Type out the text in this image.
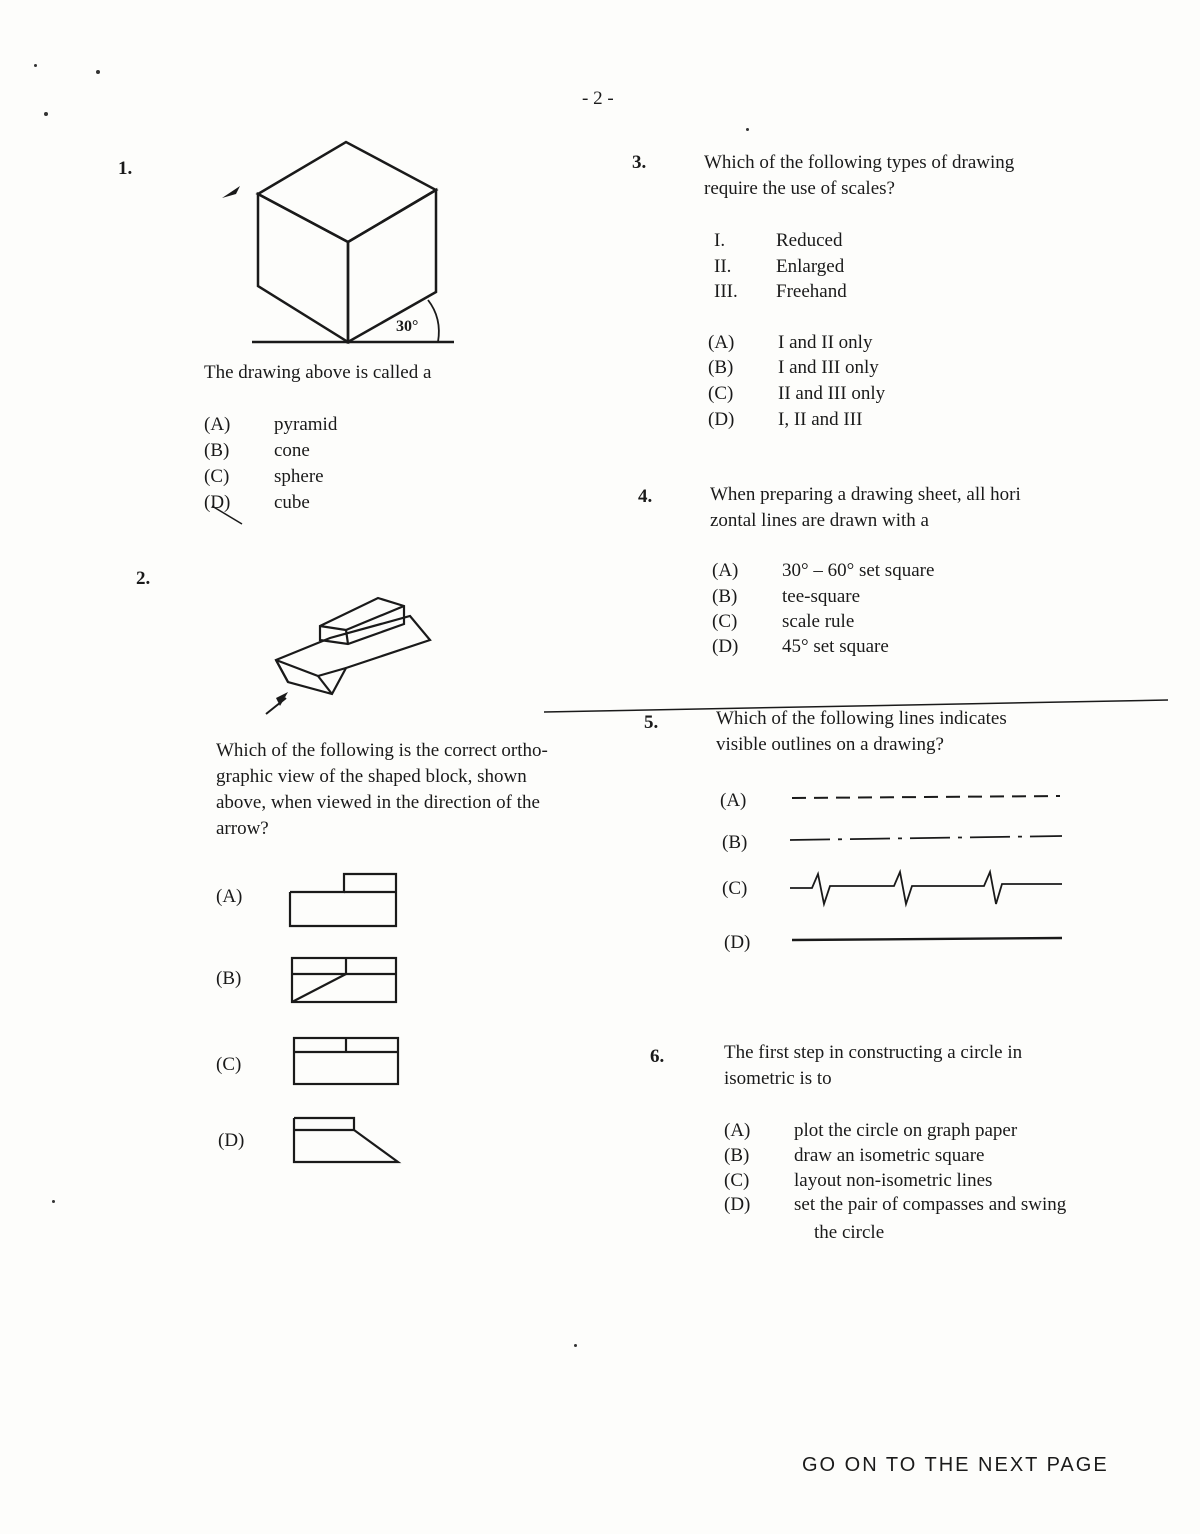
- 2 -
1.
30°
The drawing above is called a
(A) pyramid
(B) cone
(C) sphere
(D) cube
2.
Which of the following is the correct ortho-
graphic view of the shaped block, shown
above, when viewed in the direction of the
arrow?
(A)
(B)
(C)
(D)
3.	Which of the following types of drawing
require the use of scales?
I.	Reduced
II. Enlarged
III. Freehand
(A) I and II only
(B) I and III only
(C) II and III only
(D) I, II and III
4.	When preparing a drawing sheet, all hori
zontal lines are drawn with a
(A) 30° – 60° set square
(B) tee-square
(C) scale rule
(D) 45° set square
5.	Which of the following lines indicates
visible outlines on a drawing?
(A)
(B)
(C)
(D)
6.	The first step in constructing a circle in
isometric is to
(A) plot the circle on graph paper
(B) draw an isometric square
(C) layout non-isometric lines
(D) set the pair of compasses and swing
the circle
GO ON TO THE NEXT PAGE
